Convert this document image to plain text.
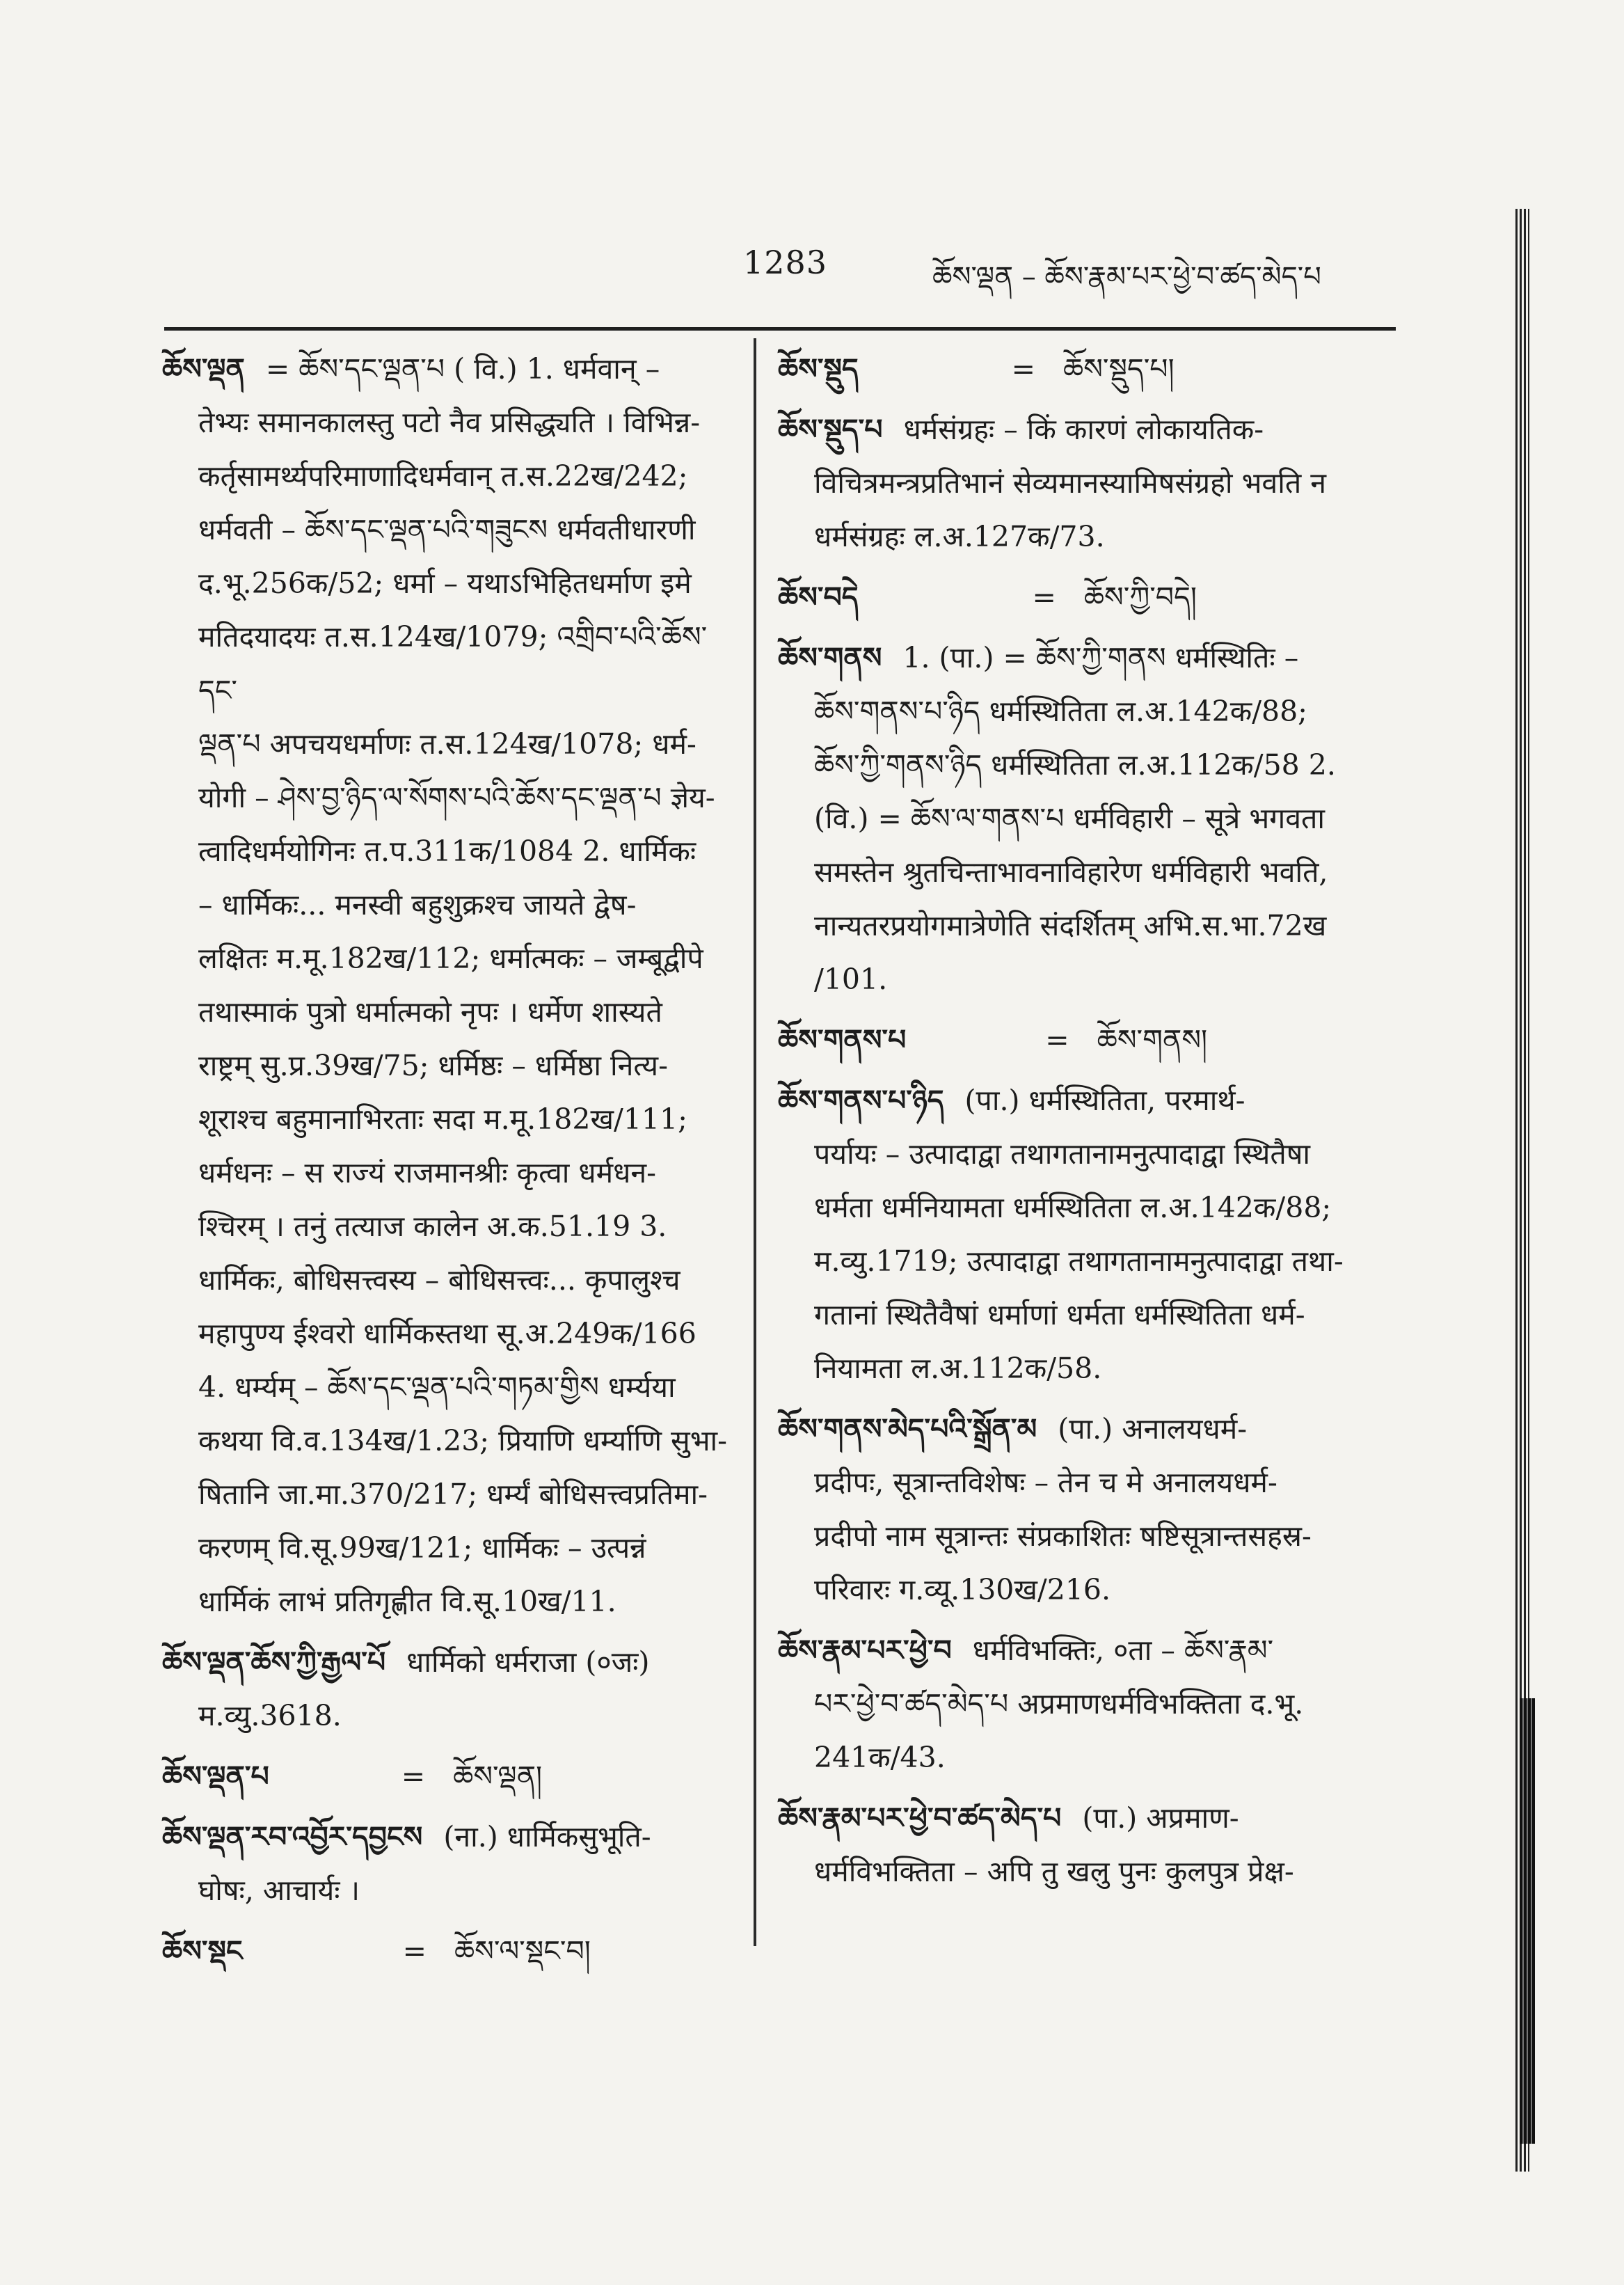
1283	ཆོས་ལྡན – ཆོས་རྣམ་པར་ཕྱེ་བ་ཚད་མེད་པ
ཆོས་ལྡན = ཆོས་དང་ལྡན་པ ( वि.) 1. धर्मवान् –
तेभ्यः समानकालस्तु पटो नैव प्रसिद्ध्यति । विभिन्न-
कर्तृसामर्थ्यपरिमाणादिधर्मवान् त.स.22ख/242;
धर्मवती – ཆོས་དང་ལྡན་པའི་གཟུངས धर्मवतीधारणी
द.भू.256क/52; धर्मा – यथाऽभिहितधर्माण इमे
मतिदयादयः त.स.124ख/1079; འགྲིབ་པའི་ཆོས་དང་
ལྡན་པ अपचयधर्माणः त.स.124ख/1078; धर्म-
योगी – ཤེས་བྱ་ཉིད་ལ་སོགས་པའི་ཆོས་དང་ལྡན་པ ज्ञेय-
त्वादिधर्मयोगिनः त.प.311क/1084 2. धार्मिकः
– धार्मिकः... मनस्वी बहुशुक्रश्च जायते द्वेष-
लक्षितः म.मू.182ख/112; धर्मात्मकः – जम्बूद्वीपे
तथास्माकं पुत्रो धर्मात्मको नृपः । धर्मेण शास्यते
राष्ट्रम् सु.प्र.39ख/75; धर्मिष्ठः – धर्मिष्ठा नित्य-
शूराश्च बहुमानाभिरताः सदा म.मू.182ख/111;
धर्मधनः – स राज्यं राजमानश्रीः कृत्वा धर्मधन-
श्चिरम् । तनुं तत्याज कालेन अ.क.51.19 3.
धार्मिकः, बोधिसत्त्वस्य – बोधिसत्त्वः... कृपालुश्च
महापुण्य ईश्वरो धार्मिकस्तथा सू.अ.249क/166
4. धर्म्यम् – ཆོས་དང་ལྡན་པའི་གཏམ་གྱིས धर्म्यया
कथया वि.व.134ख/1.23; प्रियाणि धर्म्याणि सुभा-
षितानि जा.मा.370/217; धर्म्यं बोधिसत्त्वप्रतिमा-
करणम् वि.सू.99ख/121; धार्मिकः – उत्पन्नं
धार्मिकं लाभं प्रतिगृह्णीत वि.सू.10ख/11.
ཆོས་ལྡན་ཆོས་ཀྱི་རྒྱལ་པོ धार्मिको धर्मराजा (०जः)
म.व्यु.3618.
ཆོས་ལྡན་པ	= ཆོས་ལྡན།
ཆོས་ལྡན་རབ་འབྱོར་དབྱངས (ना.) धार्मिकसुभूति-
घोषः, आचार्यः ।
ཆོས་སྡང	= ཆོས་ལ་སྡང་བ།
ཆོས་སྡུད	= ཆོས་སྡུད་པ།
ཆོས་སྡུད་པ धर्मसंग्रहः – किं कारणं लोकायतिक-
विचित्रमन्त्रप्रतिभानं सेव्यमानस्यामिषसंग्रहो भवति न
धर्मसंग्रहः ल.अ.127क/73.
ཆོས་བདེ	= ཆོས་ཀྱི་བདེ།
ཆོས་གནས 1. (पा.) = ཆོས་ཀྱི་གནས धर्मस्थितिः –
ཆོས་གནས་པ་ཉིད धर्मस्थितिता ल.अ.142क/88;
ཆོས་ཀྱི་གནས་ཉིད धर्मस्थितिता ल.अ.112क/58 2.
(वि.) = ཆོས་ལ་གནས་པ धर्मविहारी – सूत्रे भगवता
समस्तेन श्रुतचिन्ताभावनाविहारेण धर्मविहारी भवति,
नान्यतरप्रयोगमात्रेणेति संदर्शितम् अभि.स.भा.72ख
/101.
ཆོས་གནས་པ	= ཆོས་གནས།
ཆོས་གནས་པ་ཉིད (पा.) धर्मस्थितिता, परमार्थ-
पर्यायः – उत्पादाद्वा तथागतानामनुत्पादाद्वा स्थितैषा
धर्मता धर्मनियामता धर्मस्थितिता ल.अ.142क/88;
म.व्यु.1719; उत्पादाद्वा तथागतानामनुत्पादाद्वा तथा-
गतानां स्थितैवैषां धर्माणां धर्मता धर्मस्थितिता धर्म-
नियामता ल.अ.112क/58.
ཆོས་གནས་མེད་པའི་སྒྲོན་མ (पा.) अनालयधर्म-
प्रदीपः, सूत्रान्तविशेषः – तेन च मे अनालयधर्म-
प्रदीपो नाम सूत्रान्तः संप्रकाशितः षष्टिसूत्रान्तसहस्र-
परिवारः ग.व्यू.130ख/216.
ཆོས་རྣམ་པར་ཕྱེ་བ धर्मविभक्तिः, ०ता – ཆོས་རྣམ་
པར་ཕྱེ་བ་ཚད་མེད་པ अप्रमाणधर्मविभक्तिता द.भू.
241क/43.
ཆོས་རྣམ་པར་ཕྱེ་བ་ཚད་མེད་པ (पा.) अप्रमाण-
धर्मविभक्तिता – अपि तु खलु पुनः कुलपुत्र प्रेक्ष-
